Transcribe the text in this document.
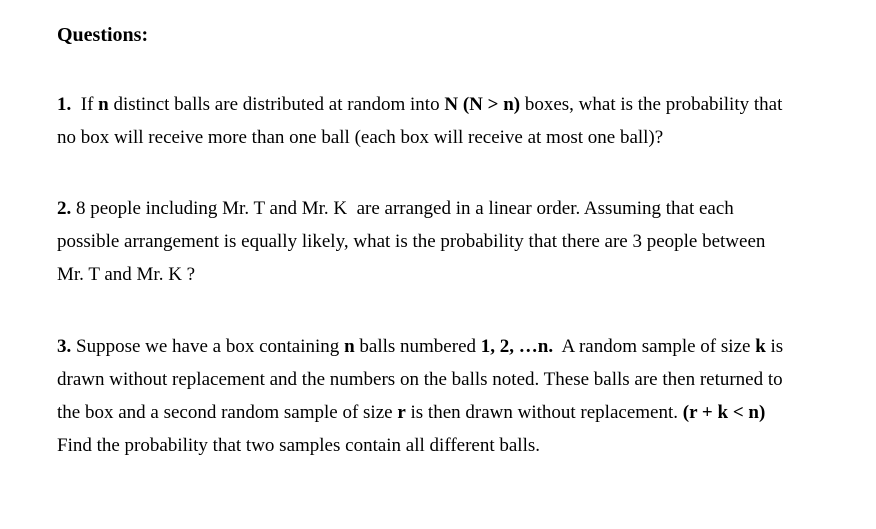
Questions:
1.  If n distinct balls are distributed at random into N (N > n) boxes, what is the probability that
no box will receive more than one ball (each box will receive at most one ball)?
2. 8 people including Mr. T and Mr. K  are arranged in a linear order. Assuming that each
possible arrangement is equally likely, what is the probability that there are 3 people between
Mr. T and Mr. K ?
3. Suppose we have a box containing n balls numbered 1, 2, …n.  A random sample of size k is
drawn without replacement and the numbers on the balls noted. These balls are then returned to
the box and a second random sample of size r is then drawn without replacement. (r + k < n)
Find the probability that two samples contain all different balls.
